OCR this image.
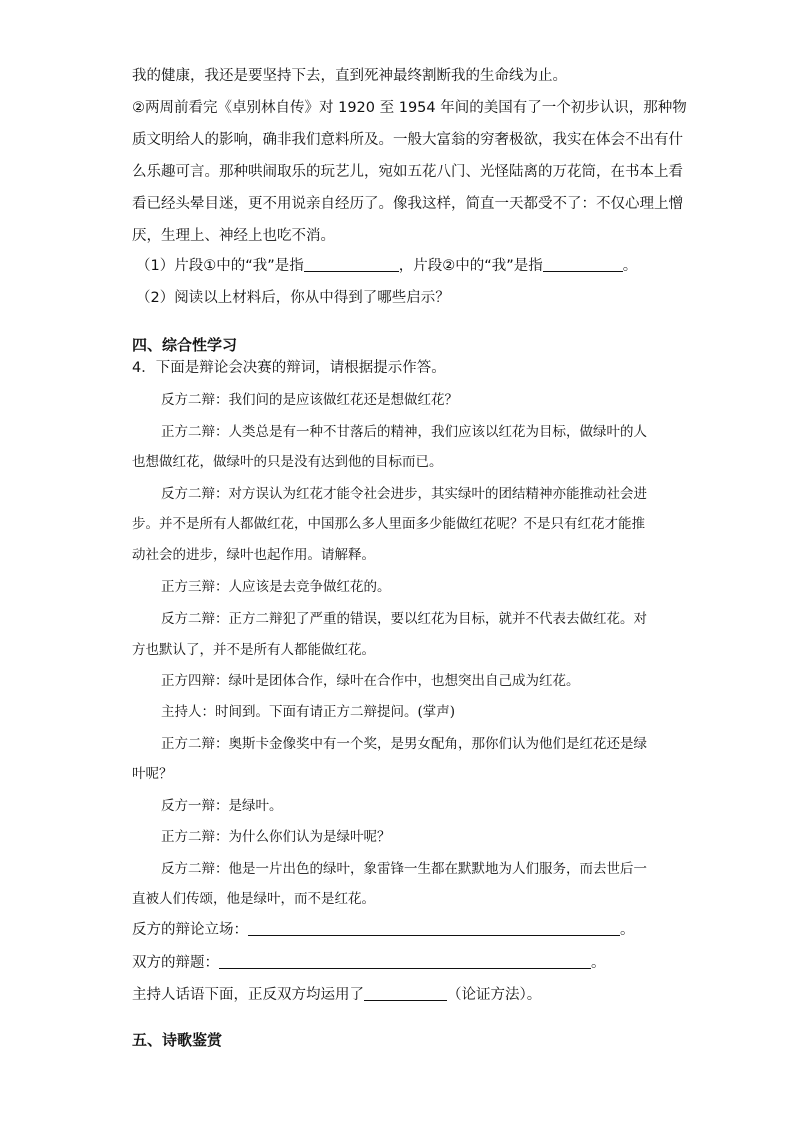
我的健康，我还是要坚持下去，直到死神最终割断我的生命线为止。
②两周前看完《卓别林自传》对 1920 至 1954 年间的美国有了一个初步认识，那种物
质文明给人的影响，确非我们意料所及。一般大富翁的穷奢极欲，我实在体会不出有什
么乐趣可言。那种哄闹取乐的玩艺儿，宛如五花八门、光怪陆离的万花筒，在书本上看
看已经头晕目迷，更不用说亲自经历了。像我这样，简直一天都受不了：不仅心理上憎
厌，生理上、神经上也吃不消。
（1）片段①中的“我”是指	，片段②中的“我”是指	。
（2）阅读以上材料后，你从中得到了哪些启示？
四、综合性学习
4．下面是辩论会决赛的辩词，请根据提示作答。
反方二辩：我们问的是应该做红花还是想做红花？
正方二辩：人类总是有一种不甘落后的精神，我们应该以红花为目标，做绿叶的人
也想做红花，做绿叶的只是没有达到他的目标而已。
反方二辩：对方误认为红花才能令社会进步，其实绿叶的团结精神亦能推动社会进
步。并不是所有人都做红花，中国那么多人里面多少能做红花呢？不是只有红花才能推
动社会的进步，绿叶也起作用。请解释。
正方三辩：人应该是去竞争做红花的。
反方二辩：正方二辩犯了严重的错误，要以红花为目标，就并不代表去做红花。对
方也默认了，并不是所有人都能做红花。
正方四辩：绿叶是团体合作，绿叶在合作中，也想突出自己成为红花。
主持人：时间到。下面有请正方二辩提问。(掌声)
正方二辩：奥斯卡金像奖中有一个奖，是男女配角，那你们认为他们是红花还是绿
叶呢？
反方一辩：是绿叶。
正方二辩：为什么你们认为是绿叶呢？
反方二辩：他是一片出色的绿叶，象雷锋一生都在默默地为人们服务，而去世后一
直被人们传颂，他是绿叶，而不是红花。
反方的辩论立场：	。
双方的辩题：	。
主持人话语下面，正反双方均运用了	（论证方法）。
五、诗歌鉴赏
